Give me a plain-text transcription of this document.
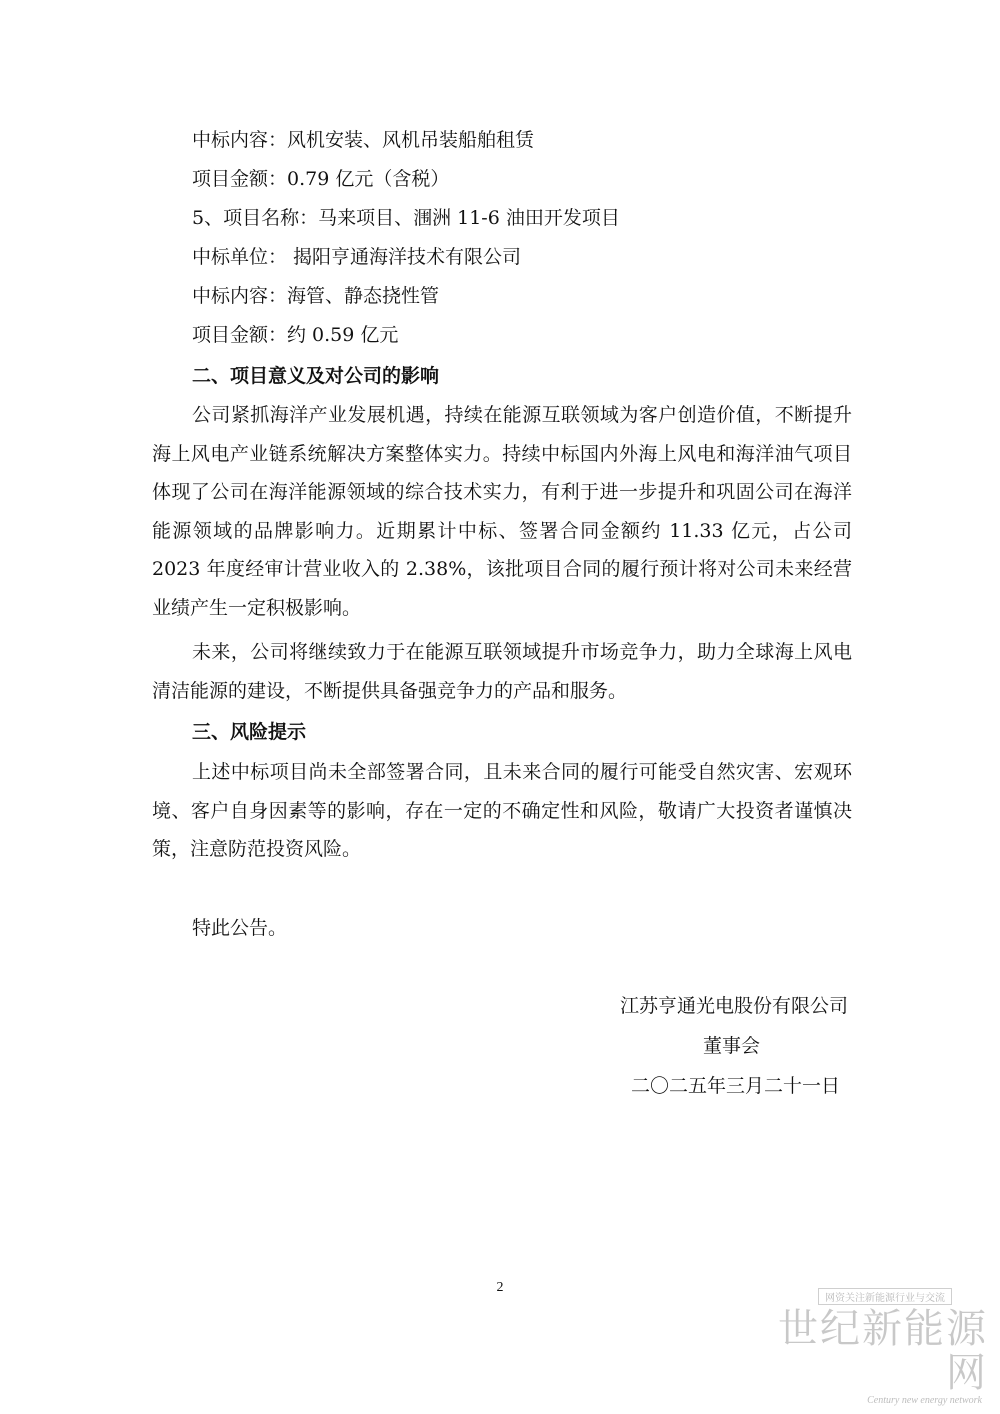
中标内容：风机安装、风机吊装船舶租赁
项目金额：0.79 亿元（含税）
5、项目名称：马来项目、涠洲 11-6 油田开发项目
中标单位： 揭阳亨通海洋技术有限公司
中标内容：海管、静态挠性管
项目金额：约 0.59 亿元
二、项目意义及对公司的影响
公司紧抓海洋产业发展机遇，持续在能源互联领域为客户创造价值，不断提升海上风电产业链系统解决方案整体实力。持续中标国内外海上风电和海洋油气项目体现了公司在海洋能源领域的综合技术实力，有利于进一步提升和巩固公司在海洋能源领域的品牌影响力。近期累计中标、签署合同金额约 11.33 亿元，占公司 2023 年度经审计营业收入的 2.38%，该批项目合同的履行预计将对公司未来经营业绩产生一定积极影响。
未来，公司将继续致力于在能源互联领域提升市场竞争力，助力全球海上风电清洁能源的建设，不断提供具备强竞争力的产品和服务。
三、风险提示
上述中标项目尚未全部签署合同，且未来合同的履行可能受自然灾害、宏观环境、客户自身因素等的影响，存在一定的不确定性和风险，敬请广大投资者谨慎决策，注意防范投资风险。
特此公告。
江苏亨通光电股份有限公司
董事会
二〇二五年三月二十一日
2
网资关注新能源行业与交流
世纪新能源网
Century new energy network
